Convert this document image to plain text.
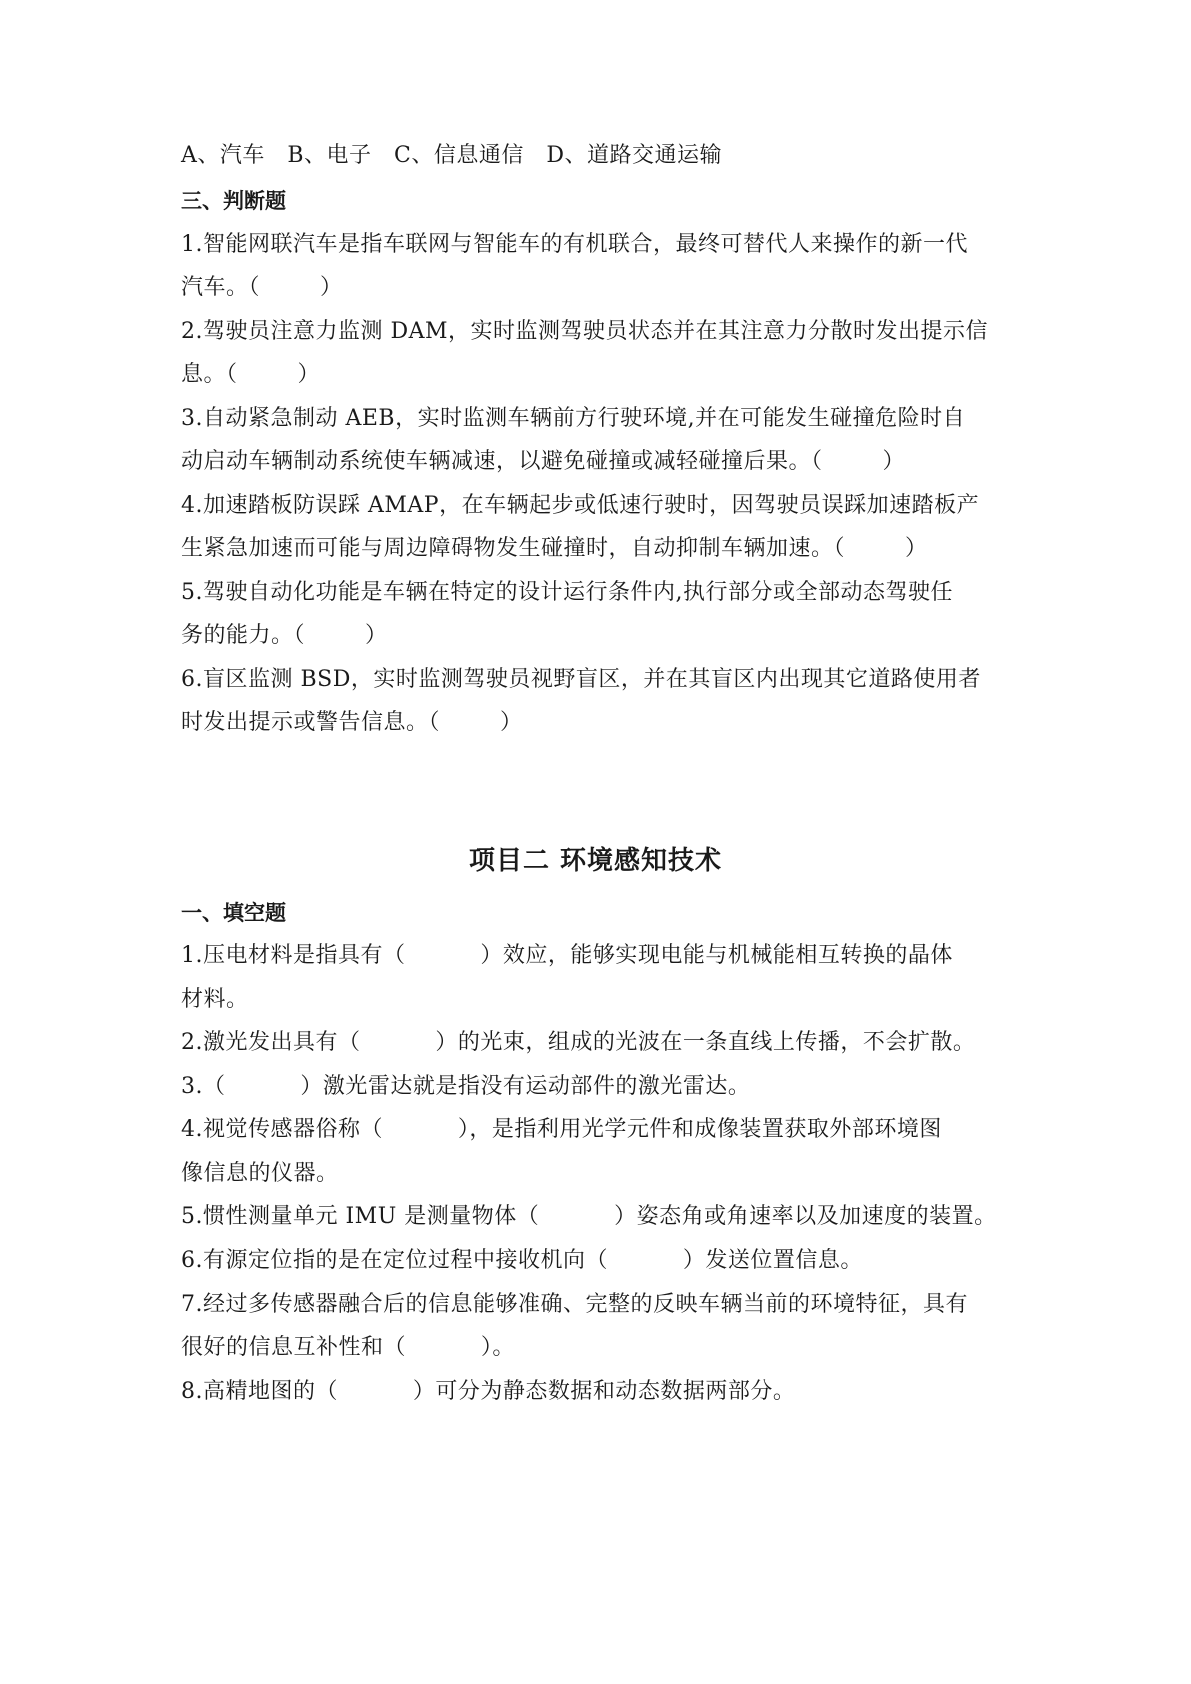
A、汽车   B、电子   C、信息通信   D、道路交通运输
三、判断题
1.智能网联汽车是指车联网与智能车的有机联合，最终可替代人来操作的新一代
汽车。（        ）
2.驾驶员注意力监测 DAM，实时监测驾驶员状态并在其注意力分散时发出提示信
息。（        ）
3.自动紧急制动 AEB，实时监测车辆前方行驶环境,并在可能发生碰撞危险时自
动启动车辆制动系统使车辆减速，以避免碰撞或减轻碰撞后果。（        ）
4.加速踏板防误踩 AMAP，在车辆起步或低速行驶时，因驾驶员误踩加速踏板产
生紧急加速而可能与周边障碍物发生碰撞时，自动抑制车辆加速。（        ）
5.驾驶自动化功能是车辆在特定的设计运行条件内,执行部分或全部动态驾驶任
务的能力。（        ）
6.盲区监测 BSD，实时监测驾驶员视野盲区，并在其盲区内出现其它道路使用者
时发出提示或警告信息。（        ）
项目二 环境感知技术
一、填空题
1.压电材料是指具有（          ）效应，能够实现电能与机械能相互转换的晶体
材料。
2.激光发出具有（          ）的光束，组成的光波在一条直线上传播，不会扩散。
3.（          ）激光雷达就是指没有运动部件的激光雷达。
4.视觉传感器俗称（          ），是指利用光学元件和成像装置获取外部环境图
像信息的仪器。
5.惯性测量单元 IMU 是测量物体（          ）姿态角或角速率以及加速度的装置。
6.有源定位指的是在定位过程中接收机向（          ）发送位置信息。
7.经过多传感器融合后的信息能够准确、完整的反映车辆当前的环境特征，具有
很好的信息互补性和（          ）。
8.高精地图的（          ）可分为静态数据和动态数据两部分。
